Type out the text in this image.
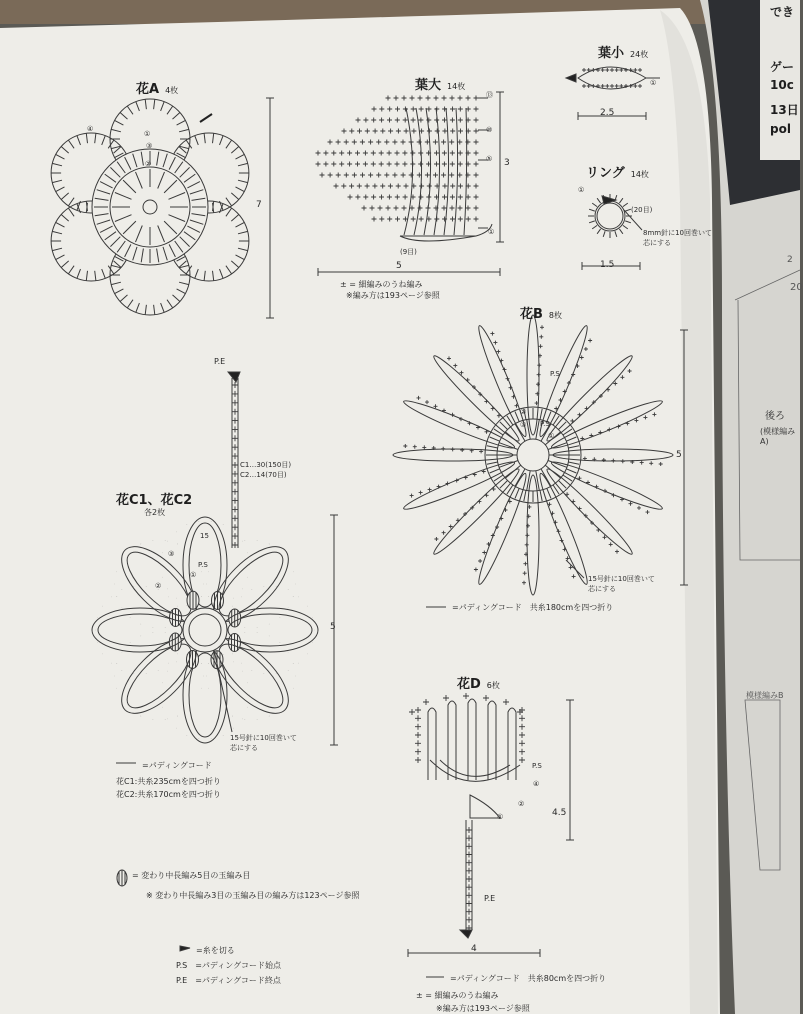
花A 4枚
7
④
③
②
①
葉大 14枚
⑬
⑩
⑤
①
(9目)
3
5
± = 細編みのうね編み
※編み方は193ページ参照
葉小 24枚
①
2.5
リング 14枚
①
(20目)
8mm針に10回巻いて
芯にする
1.5
花B 8枚
P.S
②
③ P.S
①
5
15号針に10回巻いて
芯にする
=パディングコード　共糸180cmを四つ折り
P.E
C1…30(150目)
C2…14(70目)
花C1、花C2
各2枚
15
③
P.S
②
①
5
15号針に10回巻いて
芯にする
=パディングコード
花C1:共糸235cmを四つ折り
花C2:共糸170cmを四つ折り
花D 6枚
P.S
④
②
①	4.5
P.E
4
=パディングコード　共糸80cmを四つ折り
± = 細編みのうね編み
※編み方は193ページ参照
= 変わり中長編み5目の玉編み目
※ 変わり中長編み3目の玉編み目の編み方は123ページ参照
=糸を切る
P.S =パディングコード始点
P.E =パディングコード終点
でき
ゲー
10c
13日
pol
20
2
後ろ
(模様編みA)
模様編みB
